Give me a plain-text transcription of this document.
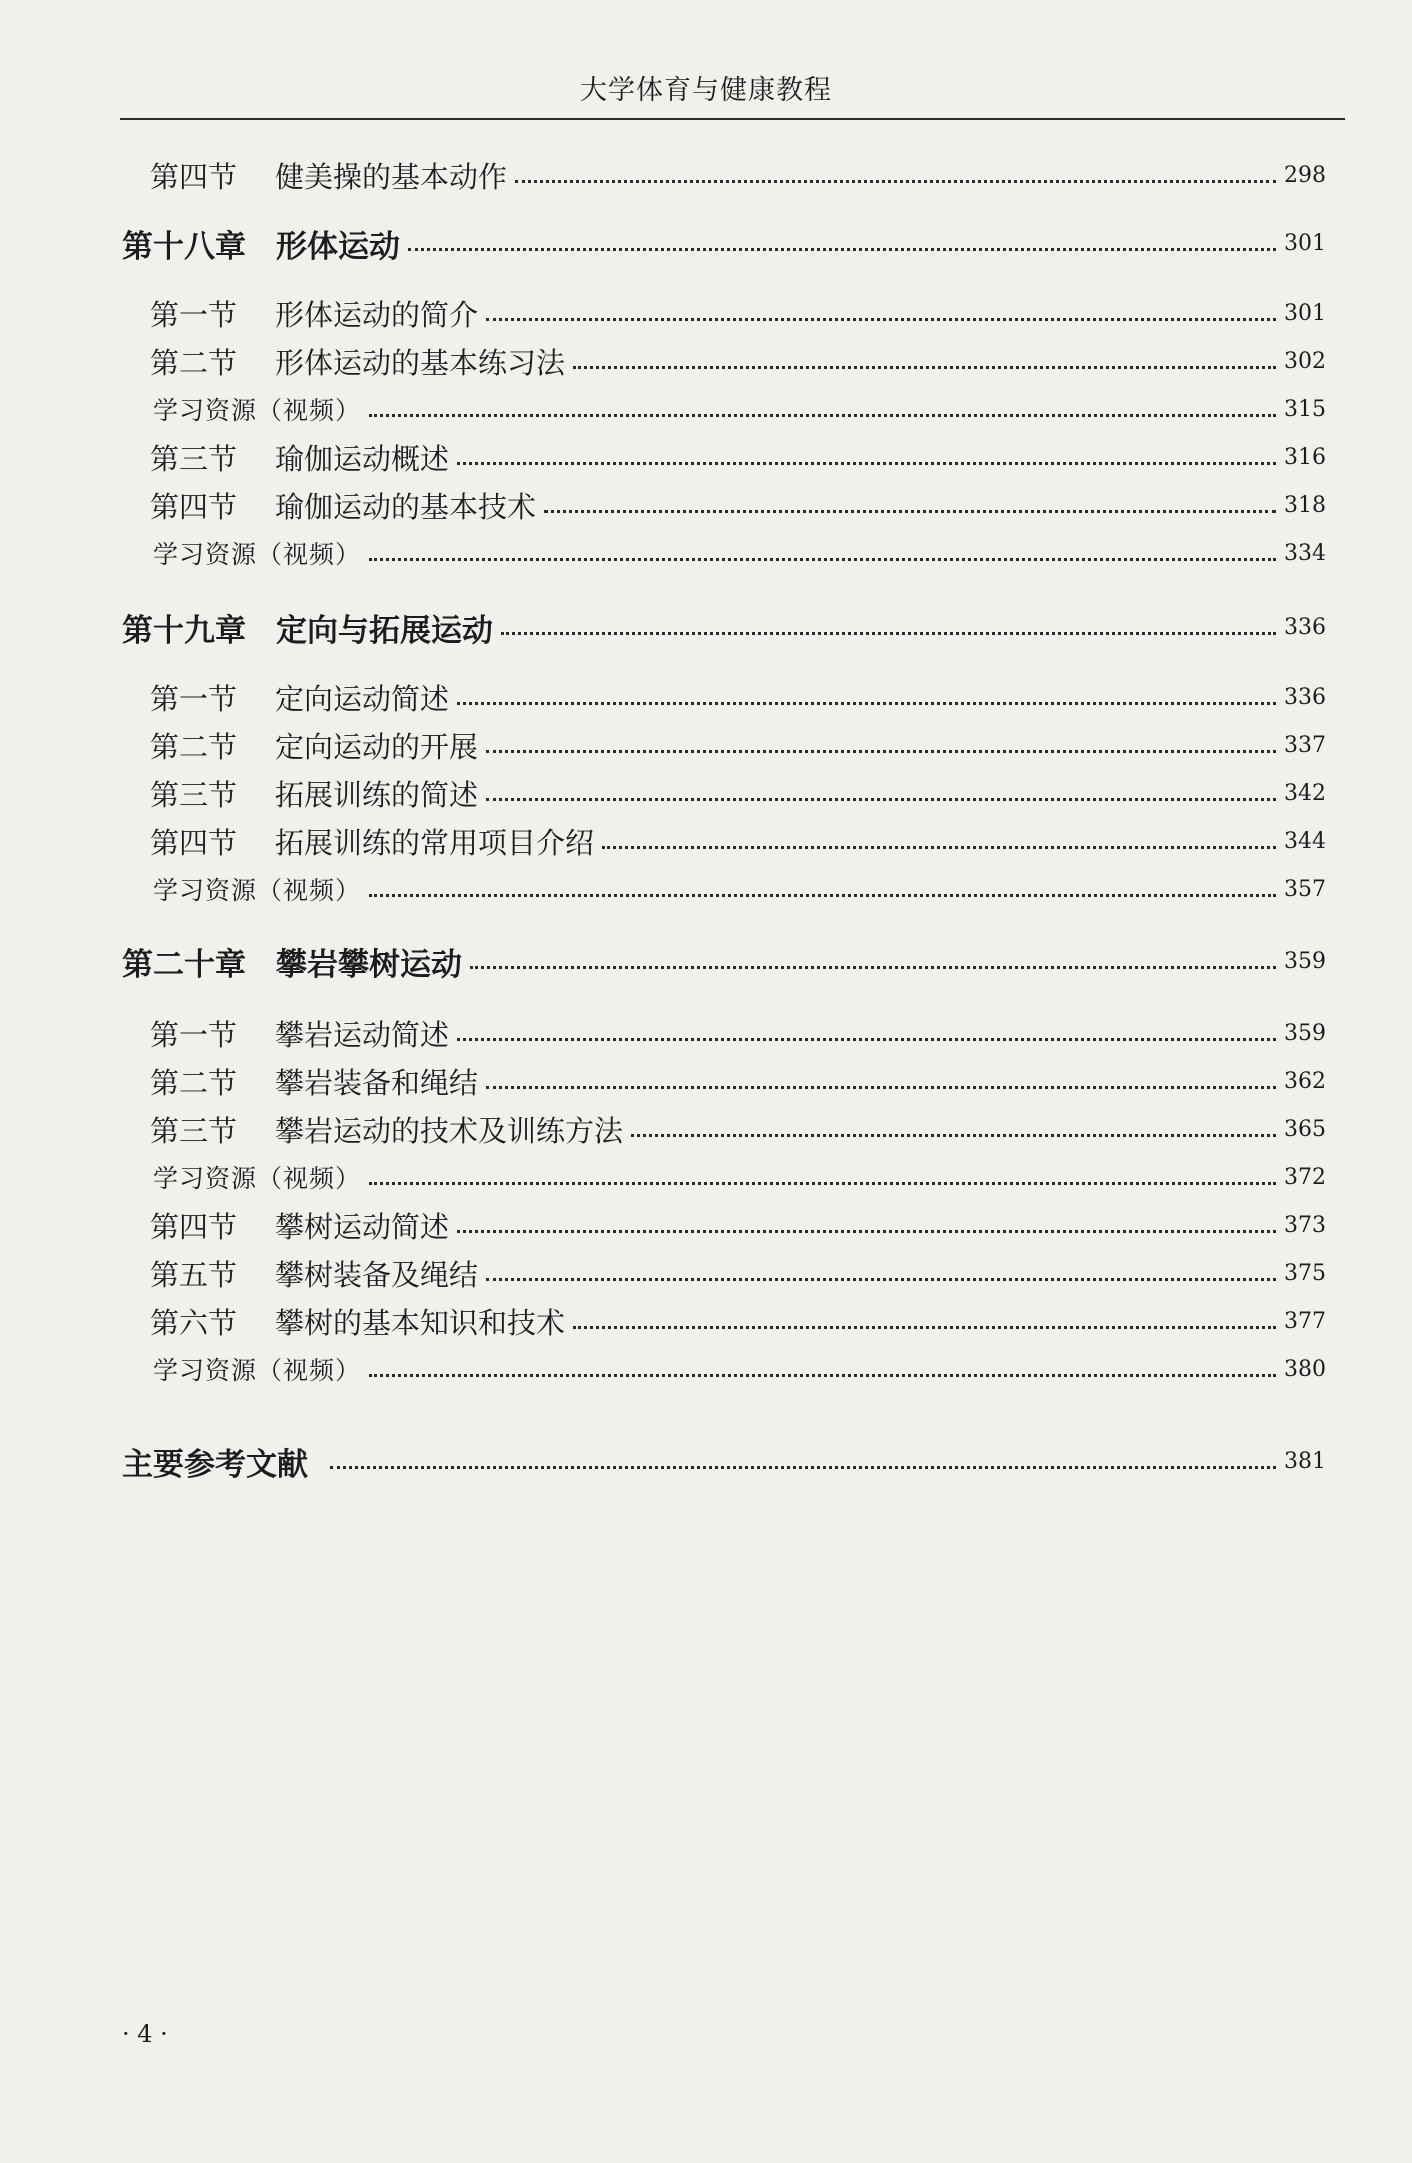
大学体育与健康教程
第四节 健美操的基本动作	298
第十八章 形体运动	301
第一节 形体运动的简介	301
第二节 形体运动的基本练习法	302
学习资源（视频）	315
第三节 瑜伽运动概述	316
第四节 瑜伽运动的基本技术	318
学习资源（视频）	334
第十九章 定向与拓展运动	336
第一节 定向运动简述	336
第二节 定向运动的开展	337
第三节 拓展训练的简述	342
第四节 拓展训练的常用项目介绍	344
学习资源（视频）	357
第二十章 攀岩攀树运动	359
第一节 攀岩运动简述	359
第二节 攀岩装备和绳结	362
第三节 攀岩运动的技术及训练方法	365
学习资源（视频）	372
第四节 攀树运动简述	373
第五节 攀树装备及绳结	375
第六节 攀树的基本知识和技术	377
学习资源（视频）	380
主要参考文献	381
· 4 ·
